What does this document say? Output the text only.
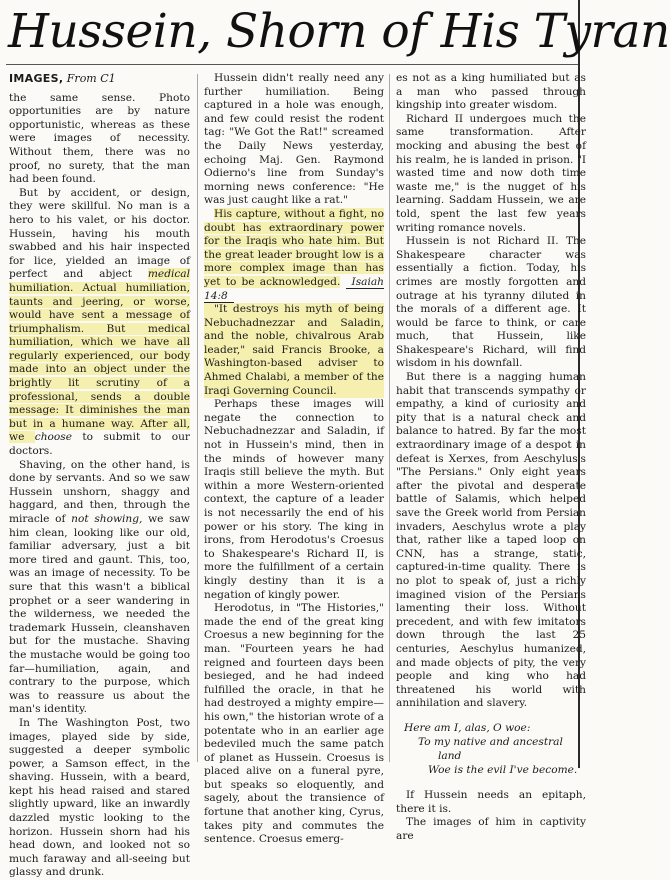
Hussein, Shorn of His Tyran
IMAGES, From C1

the same sense. Photo opportunities are by nature opportunistic, whereas as these were images of necessity. Without them, there was no proof, no surety, that the man had been found.

But by accident, or design, they were skillful. No man is a hero to his valet, or his doctor. Hussein, having his mouth swabbed and his hair inspected for lice, yielded an image of perfect and abject medical humiliation. Actual humiliation, taunts and jeering, or worse, would have sent a message of triumphalism. But medical humiliation, which we have all regularly experienced, our body made into an object under the brightly lit scrutiny of a professional, sends a double message: It diminishes the man but in a humane way. After all, we choose to submit to our doctors.

Shaving, on the other hand, is done by servants. And so we saw Hussein unshorn, shaggy and haggard, and then, through the miracle of not showing, we saw him clean, looking like our old, familiar adversary, just a bit more tired and gaunt. This, too, was an image of necessity. To be sure that this wasn't a biblical prophet or a seer wandering in the wilderness, we needed the trademark Hussein, cleanshaven but for the mustache. Shaving the mustache would be going too far—humiliation, again, and contrary to the purpose, which was to reassure us about the man's identity.

In The Washington Post, two images, played side by side, suggested a deeper symbolic power, a Samson effect, in the shaving. Hussein, with a beard, kept his head raised and stared slightly upward, like an inwardly dazzled mystic looking to the horizon. Hussein shorn had his head down, and looked not so much faraway and all-seeing but glassy and drunk.

Hussein didn't really need any further humiliation. Being captured in a hole was enough, and few could resist the rodent tag: "We Got the Rat!" screamed the Daily News yesterday, echoing Maj. Gen. Raymond Odierno's line from Sunday's morning news conference: "He was just caught like a rat."

His capture, without a fight, no doubt has extraordinary power for the Iraqis who hate him. But the great leader brought low is a more complex image than has yet to be acknowledged. Isaiah 14:8

"It destroys his myth of being Nebuchadnezzar and Saladin, and the noble, chivalrous Arab leader," said Francis Brooke, a Washington-based adviser to Ahmed Chalabi, a member of the Iraqi Governing Council.

Perhaps these images will negate the connection to Nebuchadnezzar and Saladin, if not in Hussein's mind, then in the minds of however many Iraqis still believe the myth. But within a more Western-oriented context, the capture of a leader is not necessarily the end of his power or his story. The king in irons, from Herodotus's Croesus to Shakespeare's Richard II, is more the fulfillment of a certain kingly destiny than it is a negation of kingly power.

Herodotus, in "The Histories," made the end of the great king Croesus a new beginning for the man. "Fourteen years he had reigned and fourteen days been besieged, and he had indeed fulfilled the oracle, in that he had destroyed a mighty empire—his own," the historian wrote of a potentate who in an earlier age bedeviled much the same patch of planet as Hussein. Croesus is placed alive on a funeral pyre, but speaks so eloquently, and sagely, about the transience of fortune that another king, Cyrus, takes pity and commutes the sentence. Croesus emerg-

es not as a king humiliated but as a man who passed through kingship into greater wisdom.

Richard II undergoes much the same transformation. After mocking and abusing the best of his realm, he is landed in prison. "I wasted time and now doth time waste me," is the nugget of his learning. Saddam Hussein, we are told, spent the last few years writing romance novels.

Hussein is not Richard II. The Shakespeare character was essentially a fiction. Today, his crimes are mostly forgotten and outrage at his tyranny diluted in the morals of a different age. It would be farce to think, or care much, that Hussein, like Shakespeare's Richard, will find wisdom in his downfall.

But there is a nagging human habit that transcends sympathy or empathy, a kind of curiosity and pity that is a natural check and balance to hatred. By far the most extraordinary image of a despot in defeat is Xerxes, from Aeschylus's "The Persians." Only eight years after the pivotal and desperate battle of Salamis, which helped save the Greek world from Persian invaders, Aeschylus wrote a play that, rather like a taped loop on CNN, has a strange, static, captured-in-time quality. There is no plot to speak of, just a richly imagined vision of the Persians lamenting their loss. Without precedent, and with few imitators down through the last 25 centuries, Aeschylus humanized, and made objects of pity, the very people and king who had threatened his world with annihilation and slavery.

Here am I, alas, O woe:
To my native and ancestral
land
Woe is the evil I've become.

If Hussein needs an epitaph, there it is.

The images of him in captivity are
